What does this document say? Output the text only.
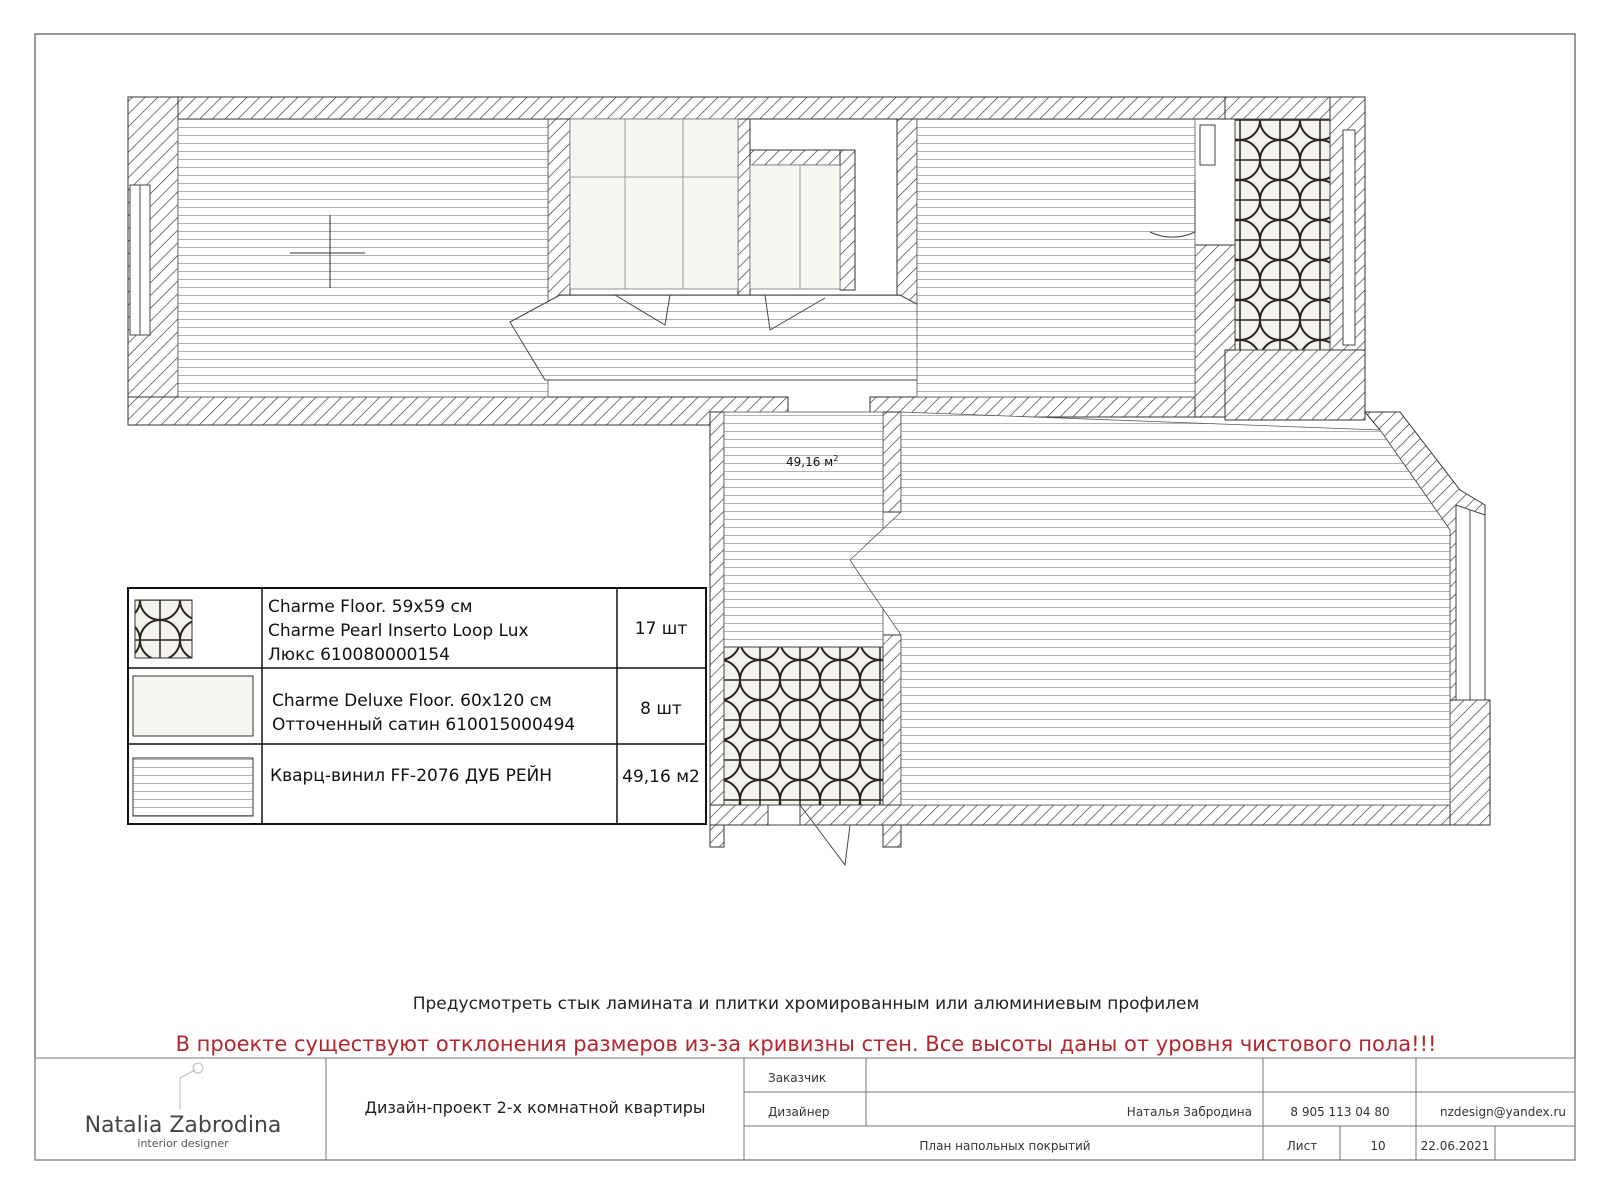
49,16 $м^2$
Charme Floor. 59х59 см
Charme Pearl Inserto Loop Lux
Люкс 610080000154
17 шт
Charme Deluxe Floor. 60х120 см
Отточенный сатин 610015000494
8 шт
Кварц-винил FF-2076 ДУБ РЕЙН	49,16 м2
Natalia Zabrodina
interior designer
Дизайн-проект 2-х комнатной квартиры
Заказчик
Дизайнер	Наталья Забродина	8 905 113 04 80	nzdesign@yandex.ru
План напольных покрытий	Лист	10	22.06.2021
Предусмотреть стык ламината и плитки хромированным или алюминиевым профилем
В проекте существуют отклонения размеров из-за кривизны стен. Все высоты даны от уровня чистового пола!!!
